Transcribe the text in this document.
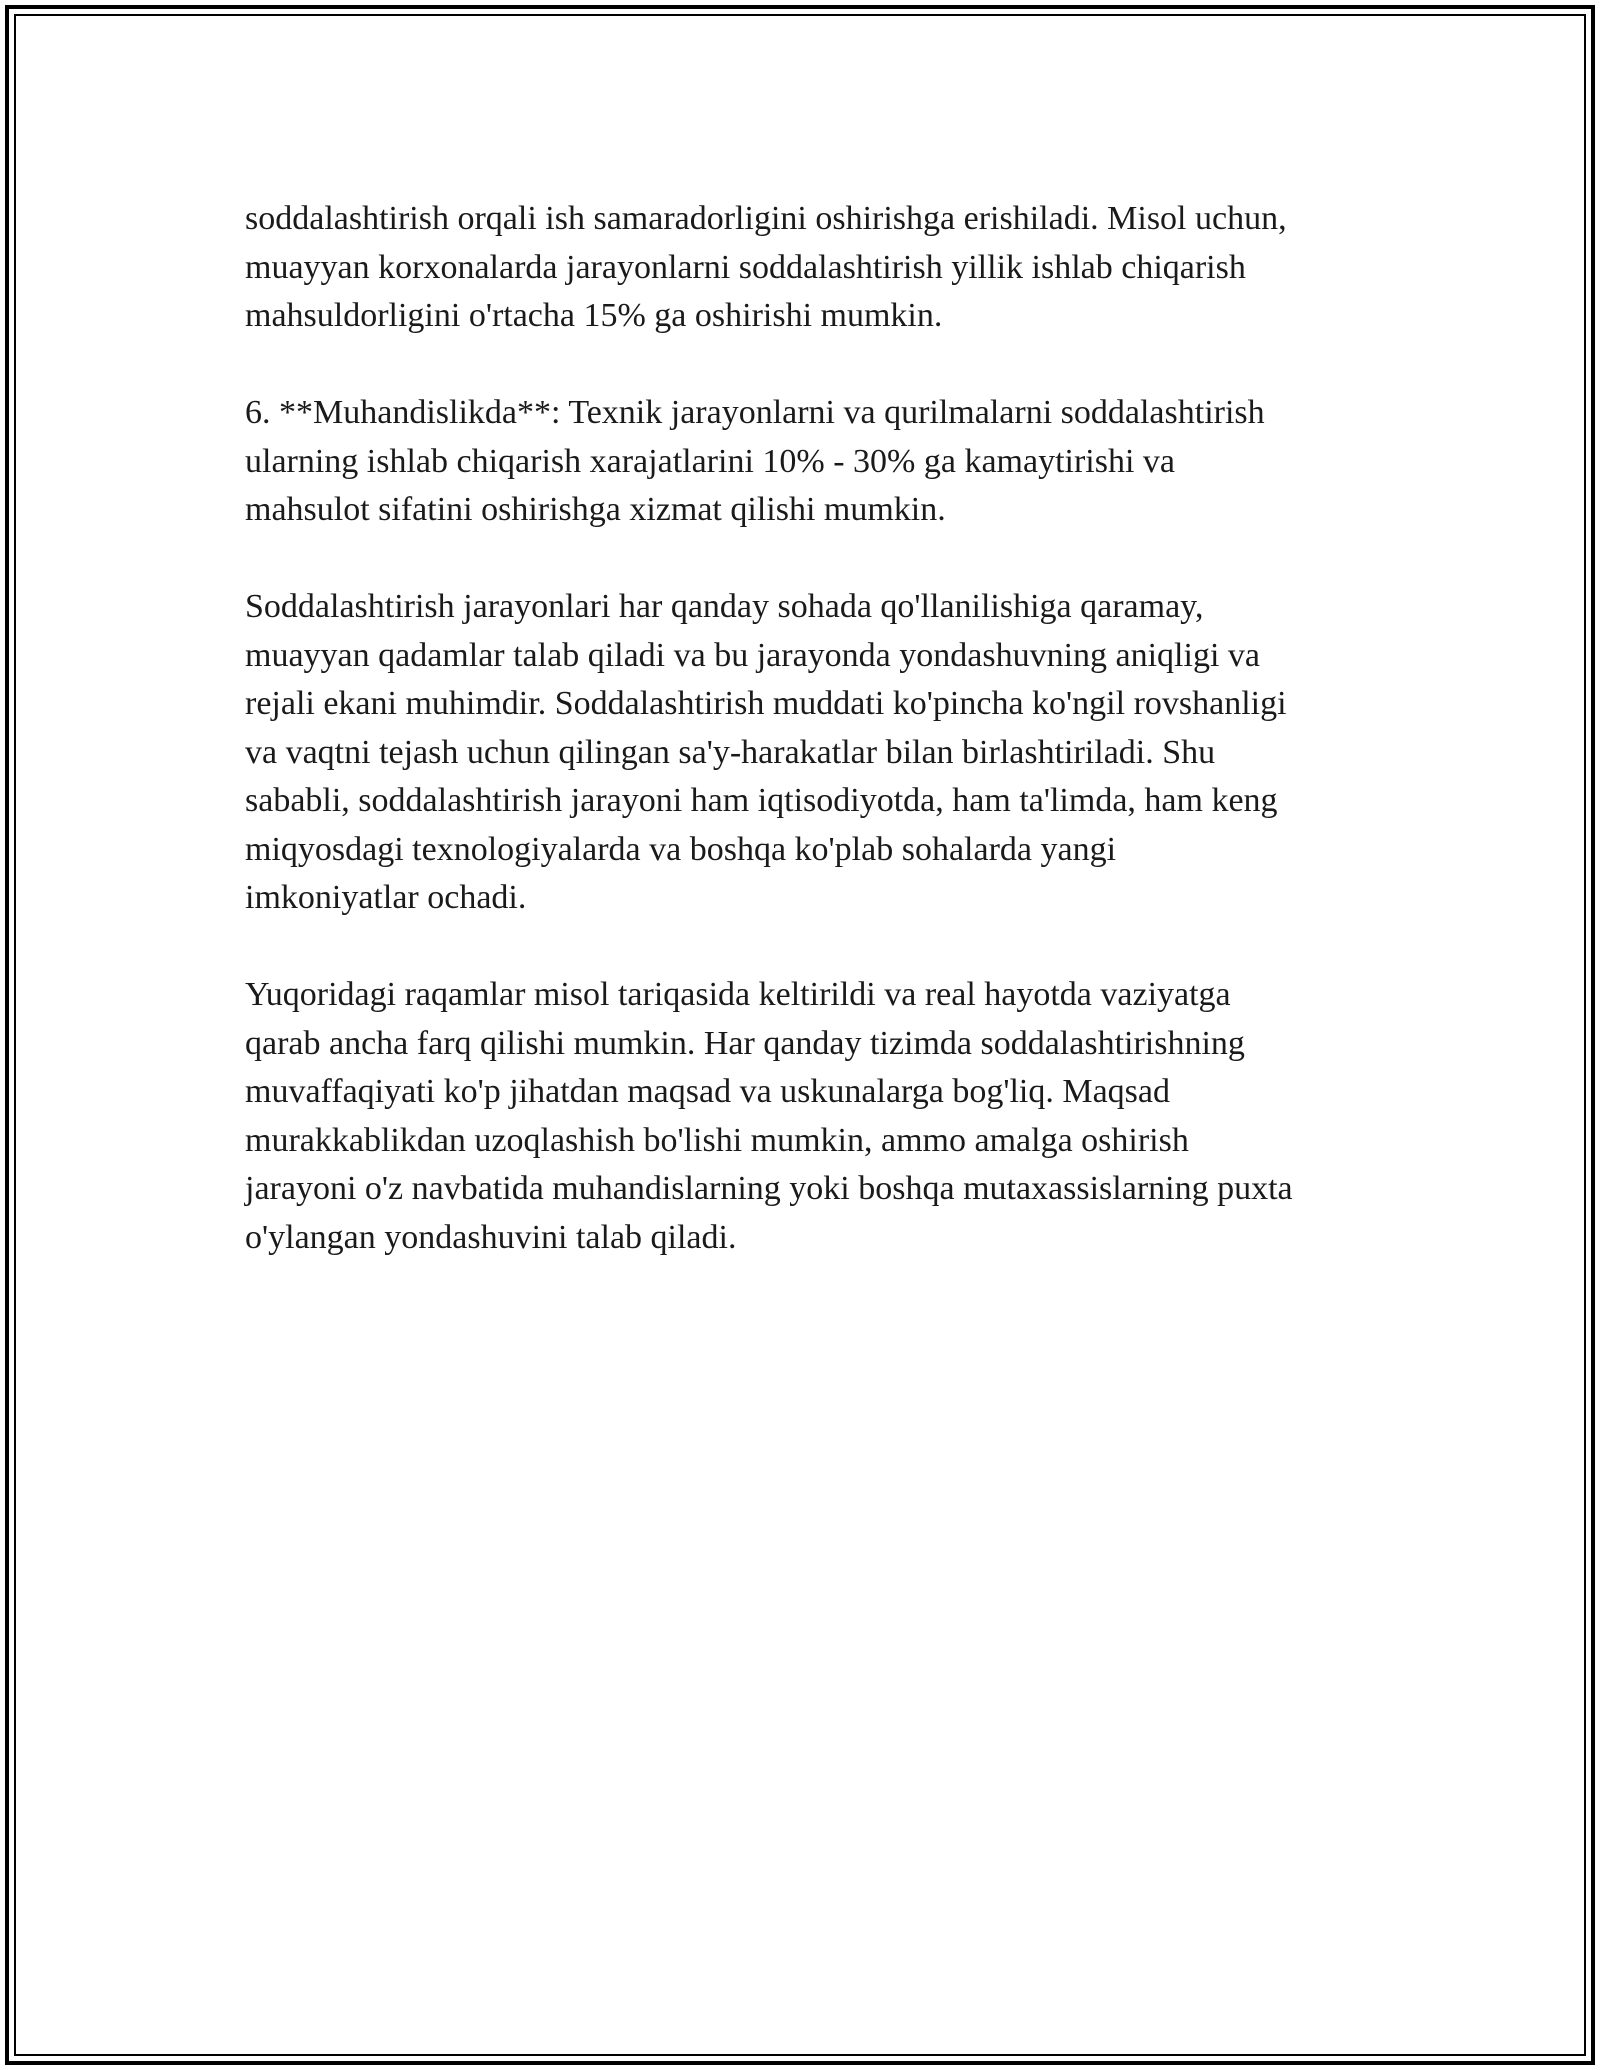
soddalashtirish orqali ish samaradorligini oshirishga erishiladi. Misol uchun,
muayyan korxonalarda jarayonlarni soddalashtirish yillik ishlab chiqarish
mahsuldorligini o'rtacha 15% ga oshirishi mumkin.

6. **Muhandislikda**: Texnik jarayonlarni va qurilmalarni soddalashtirish
ularning ishlab chiqarish xarajatlarini 10% - 30% ga kamaytirishi va
mahsulot sifatini oshirishga xizmat qilishi mumkin.

Soddalashtirish jarayonlari har qanday sohada qo'llanilishiga qaramay,
muayyan qadamlar talab qiladi va bu jarayonda yondashuvning aniqligi va
rejali ekani muhimdir. Soddalashtirish muddati ko'pincha ko'ngil rovshanligi
va vaqtni tejash uchun qilingan sa'y-harakatlar bilan birlashtiriladi. Shu
sababli, soddalashtirish jarayoni ham iqtisodiyotda, ham ta'limda, ham keng
miqyosdagi texnologiyalarda va boshqa ko'plab sohalarda yangi
imkoniyatlar ochadi.

Yuqoridagi raqamlar misol tariqasida keltirildi va real hayotda vaziyatga
qarab ancha farq qilishi mumkin. Har qanday tizimda soddalashtirishning
muvaffaqiyati ko'p jihatdan maqsad va uskunalarga bog'liq. Maqsad
murakkablikdan uzoqlashish bo'lishi mumkin, ammo amalga oshirish
jarayoni o'z navbatida muhandislarning yoki boshqa mutaxassislarning puxta
o'ylangan yondashuvini talab qiladi.
